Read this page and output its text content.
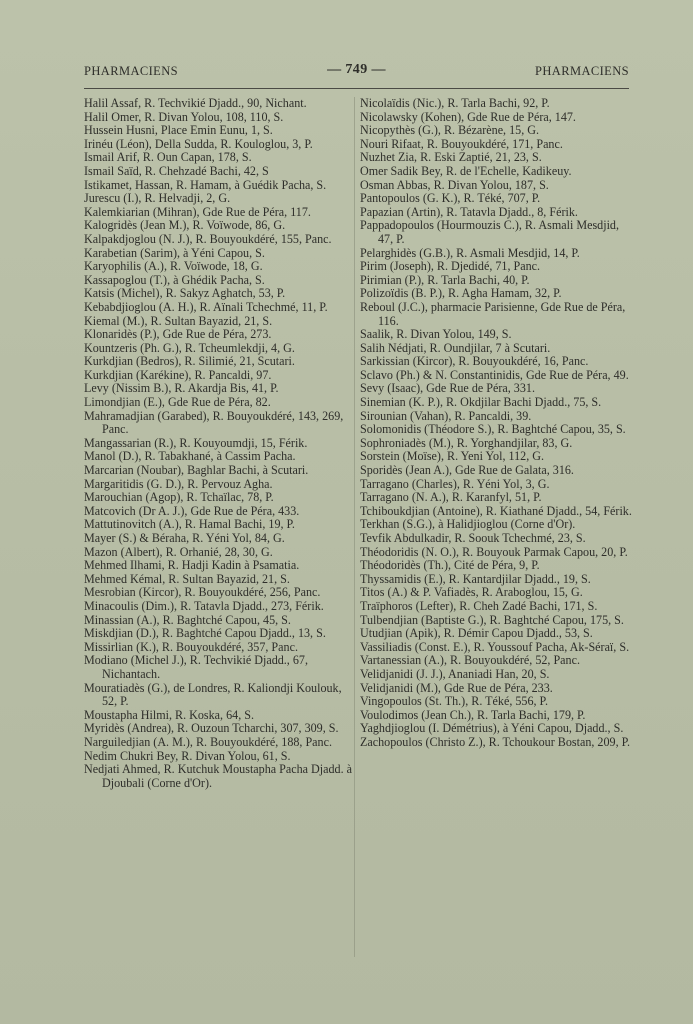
PHARMACIENS	— 749 —	PHARMACIENS
Halil Assaf, R. Techvikié Djadd., 90, Nichant.
Halil Omer, R. Divan Yolou, 108, 110, S.
Hussein Husni, Place Emin Eunu, 1, S.
Irinéu (Léon), Della Sudda, R. Kouloglou, 3, P.
Ismail Arif, R. Oun Capan, 178, S.
Ismail Saïd, R. Chehzadé Bachi, 42, S
Istikamet, Hassan, R. Hamam, à Guédik Pacha, S.
Jurescu (I.), R. Helvadji, 2, G.
Kalemkiarian (Mihran), Gde Rue de Péra, 117.
Kalogridès (Jean M.), R. Voïwode, 86, G.
Kalpakdjoglou (N. J.), R. Bouyoukdéré, 155, Panc.
Karabetian (Sarim), à Yéni Capou, S.
Karyophilis (A.), R. Voïwode, 18, G.
Kassapoglou (T.), à Ghédik Pacha, S.
Katsis (Michel), R. Sakyz Aghatch, 53, P.
Kebabdjioglou (A. H.), R. Aïnali Tchechmé, 11, P.
Kiemal (M.), R. Sultan Bayazid, 21, S.
Klonaridès (P.), Gde Rue de Péra, 273.
Kountzeris (Ph. G.), R. Tcheumlekdji, 4, G.
Kurkdjian (Bedros), R. Silimié, 21, Scutari.
Kurkdjian (Karékine), R. Pancaldi, 97.
Levy (Nissim B.), R. Akardja Bis, 41, P.
Limondjian (E.), Gde Rue de Péra, 82.
Mahramadjian (Garabed), R. Bouyoukdéré, 143, 269, Panc.
Mangassarian (R.), R. Kouyoumdji, 15, Férik.
Manol (D.), R. Tabakhané, à Cassim Pacha.
Marcarian (Noubar), Baghlar Bachi, à Scutari.
Margaritidis (G. D.), R. Pervouz Agha.
Marouchian (Agop), R. Tchaïlac, 78, P.
Matcovich (Dr A. J.), Gde Rue de Péra, 433.
Mattutinovitch (A.), R. Hamal Bachi, 19, P.
Mayer (S.) & Béraha, R. Yéni Yol, 84, G.
Mazon (Albert), R. Orhanié, 28, 30, G.
Mehmed Ilhami, R. Hadji Kadin à Psamatia.
Mehmed Kémal, R. Sultan Bayazid, 21, S.
Mesrobian (Kircor), R. Bouyoukdéré, 256, Panc.
Minacoulis (Dim.), R. Tatavla Djadd., 273, Férik.
Minassian (A.), R. Baghtché Capou, 45, S.
Miskdjian (D.), R. Baghtché Capou Djadd., 13, S.
Missirlian (K.), R. Bouyoukdéré, 357, Panc.
Modiano (Michel J.), R. Techvikié Djadd., 67, Nichantach.
Mouratiadès (G.), de Londres, R. Kaliondji Koulouk, 52, P.
Moustapha Hilmi, R. Koska, 64, S.
Myridès (Andrea), R. Ouzoun Tcharchi, 307, 309, S.
Narguiledjian (A. M.), R. Bouyoukdéré, 188, Panc.
Nedim Chukri Bey, R. Divan Yolou, 61, S.
Nedjati Ahmed, R. Kutchuk Moustapha Pacha Djadd. à Djoubali (Corne d'Or).
Nicolaïdis (Nic.), R. Tarla Bachi, 92, P.
Nicolawsky (Kohen), Gde Rue de Péra, 147.
Nicopythès (G.), R. Bézarène, 15, G.
Nouri Rifaat, R. Bouyoukdéré, 171, Panc.
Nuzhet Zia, R. Eski Zaptié, 21, 23, S.
Omer Sadik Bey, R. de l'Echelle, Kadikeuy.
Osman Abbas, R. Divan Yolou, 187, S.
Pantopoulos (G. K.), R. Téké, 707, P.
Papazian (Artin), R. Tatavla Djadd., 8, Férik.
Pappadopoulos (Hourmouzis C.), R. Asmali Mesdjid, 47, P.
Pelarghidès (G.B.), R. Asmali Mesdjid, 14, P.
Pirim (Joseph), R. Djedidé, 71, Panc.
Pirimian (P.), R. Tarla Bachi, 40, P.
Polizoïdis (B. P.), R. Agha Hamam, 32, P.
Reboul (J.C.), pharmacie Parisienne, Gde Rue de Péra, 116.
Saalik, R. Divan Yolou, 149, S.
Salih Nédjati, R. Oundjilar, 7 à Scutari.
Sarkissian (Kircor), R. Bouyoukdéré, 16, Panc.
Sclavo (Ph.) & N. Constantinidis, Gde Rue de Péra, 49.
Sevy (Isaac), Gde Rue de Péra, 331.
Sinemian (K. P.), R. Okdjilar Bachi Djadd., 75, S.
Sirounian (Vahan), R. Pancaldi, 39.
Solomonidis (Théodore S.), R. Baghtché Capou, 35, S.
Sophroniadès (M.), R. Yorghandjilar, 83, G.
Sorstein (Moïse), R. Yeni Yol, 112, G.
Sporidès (Jean A.), Gde Rue de Galata, 316.
Tarragano (Charles), R. Yéni Yol, 3, G.
Tarragano (N. A.), R. Karanfyl, 51, P.
Tchiboukdjian (Antoine), R. Kiathané Djadd., 54, Férik.
Terkhan (S.G.), à Halidjioglou (Corne d'Or).
Tevfik Abdulkadir, R. Soouk Tchechmé, 23, S.
Théodoridis (N. O.), R. Bouyouk Parmak Capou, 20, P.
Théodoridès (Th.), Cité de Péra, 9, P.
Thyssamidis (E.), R. Kantardjilar Djadd., 19, S.
Titos (A.) & P. Vafiadès, R. Araboglou, 15, G.
Traïphoros (Lefter), R. Cheh Zadé Bachi, 171, S.
Tulbendjian (Baptiste G.), R. Baghtché Capou, 175, S.
Utudjian (Apik), R. Démir Capou Djadd., 53, S.
Vassiliadis (Const. E.), R. Youssouf Pacha, Ak-Séraï, S.
Vartanessian (A.), R. Bouyoukdéré, 52, Panc.
Velidjanidi (J. J.), Ananiadi Han, 20, S.
Velidjanidi (M.), Gde Rue de Péra, 233.
Vingopoulos (St. Th.), R. Téké, 556, P.
Voulodimos (Jean Ch.), R. Tarla Bachi, 179, P.
Yaghdjioglou (I. Démétrius), à Yéni Capou, Djadd., S.
Zachopoulos (Christo Z.), R. Tchoukour Bostan, 209, P.
